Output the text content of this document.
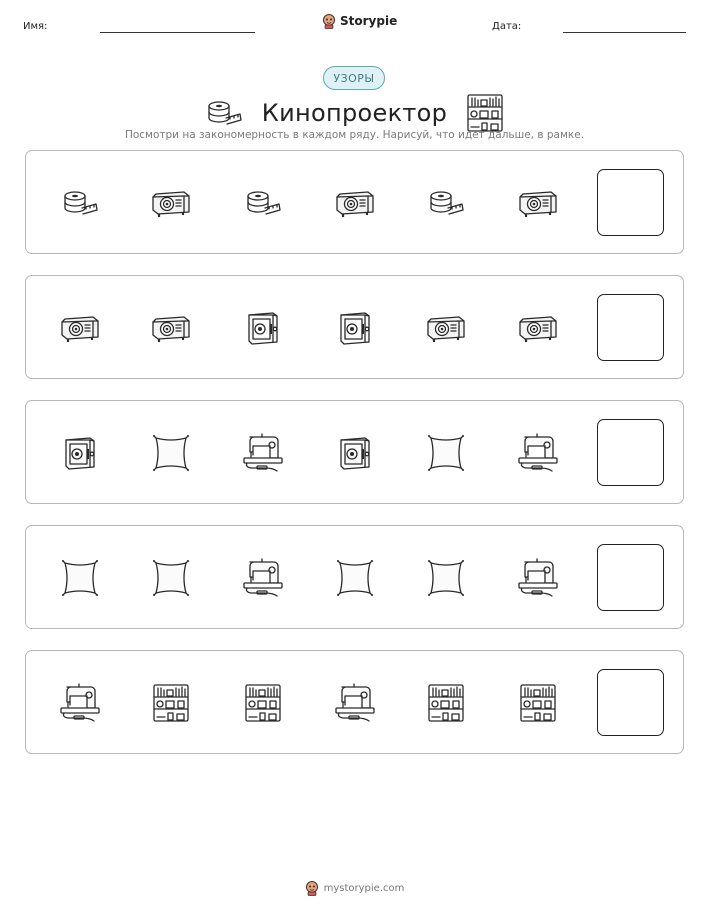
Имя:	Storypie	Дата:
УЗОРЫ
Кинопроектор
Посмотри на закономерность в каждом ряду. Нарисуй, что идет дальше, в рамке.
mystorypie.com
